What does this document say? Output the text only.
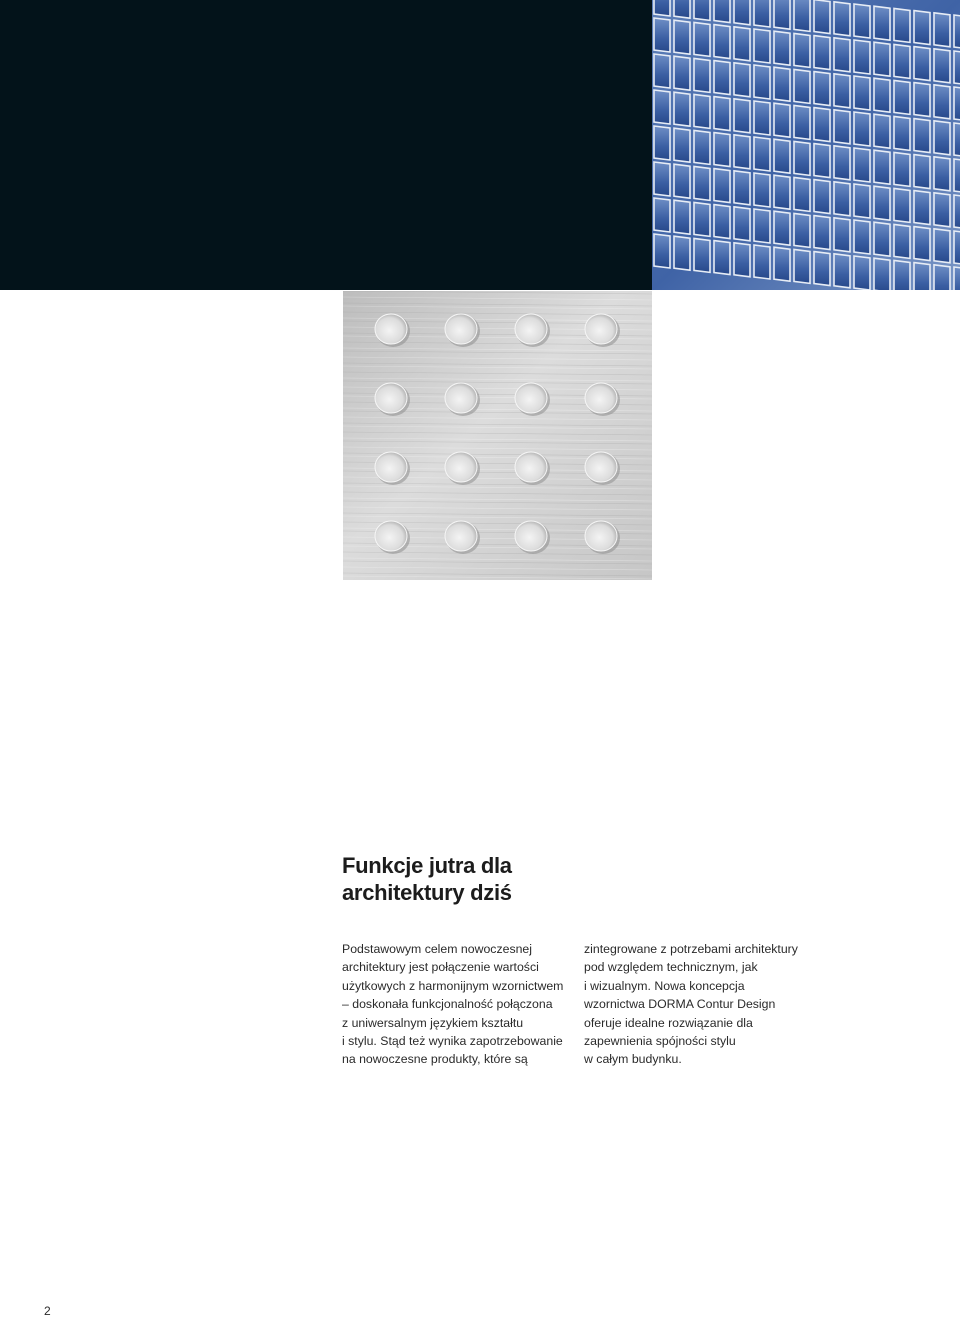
Funkcje jutra dla
architektury dziś
Podstawowym celem nowoczesnej
architektury jest połączenie wartości
użytkowych z harmonijnym wzornictwem
– doskonała funkcjonalność połączona
z uniwersalnym językiem kształtu
i stylu. Stąd też wynika zapotrzebowanie
na nowoczesne produkty, które są
zintegrowane z potrzebami architektury
pod względem technicznym, jak
i wizualnym. Nowa koncepcja
wzornictwa DORMA Contur Design
oferuje idealne rozwiązanie dla
zapewnienia spójności stylu
w całym budynku.
2
